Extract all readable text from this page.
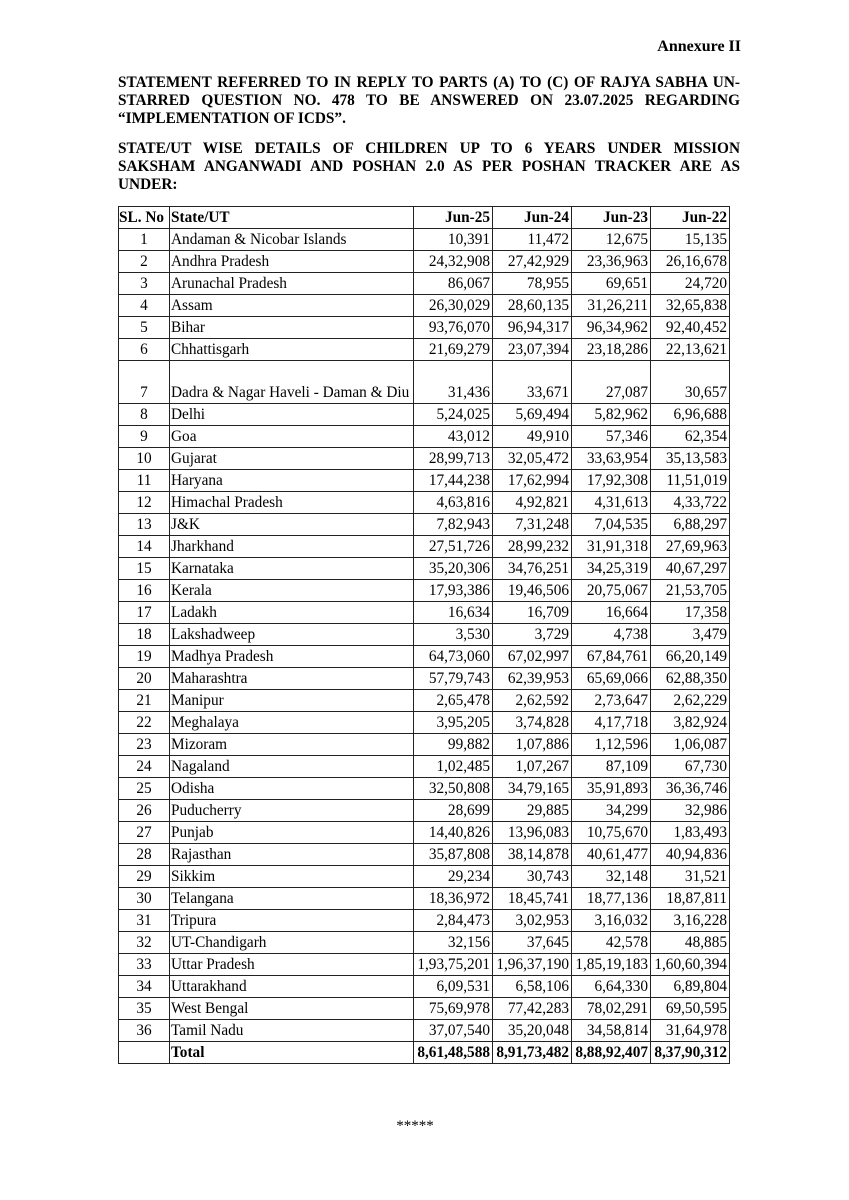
Annexure II
STATEMENT REFERRED TO IN REPLY TO PARTS (A) TO (C) OF RAJYA SABHA UN-STARRED QUESTION NO. 478 TO BE ANSWERED ON 23.07.2025 REGARDING “IMPLEMENTATION OF ICDS”.
STATE/UT WISE DETAILS OF CHILDREN UP TO 6 YEARS UNDER MISSION SAKSHAM ANGANWADI AND POSHAN 2.0 AS PER POSHAN TRACKER ARE AS UNDER:
SL. No	State/UT	Jun-25	Jun-24	Jun-23	Jun-22
1	Andaman & Nicobar Islands	10,391	11,472	12,675	15,135
2	Andhra Pradesh	24,32,908	27,42,929	23,36,963	26,16,678
3	Arunachal Pradesh	86,067	78,955	69,651	24,720
4	Assam	26,30,029	28,60,135	31,26,211	32,65,838
5	Bihar	93,76,070	96,94,317	96,34,962	92,40,452
6	Chhattisgarh	21,69,279	23,07,394	23,18,286	22,13,621
7	Dadra & Nagar Haveli - Daman & Diu	31,436	33,671	27,087	30,657
8	Delhi	5,24,025	5,69,494	5,82,962	6,96,688
9	Goa	43,012	49,910	57,346	62,354
10	Gujarat	28,99,713	32,05,472	33,63,954	35,13,583
11	Haryana	17,44,238	17,62,994	17,92,308	11,51,019
12	Himachal Pradesh	4,63,816	4,92,821	4,31,613	4,33,722
13	J&K	7,82,943	7,31,248	7,04,535	6,88,297
14	Jharkhand	27,51,726	28,99,232	31,91,318	27,69,963
15	Karnataka	35,20,306	34,76,251	34,25,319	40,67,297
16	Kerala	17,93,386	19,46,506	20,75,067	21,53,705
17	Ladakh	16,634	16,709	16,664	17,358
18	Lakshadweep	3,530	3,729	4,738	3,479
19	Madhya Pradesh	64,73,060	67,02,997	67,84,761	66,20,149
20	Maharashtra	57,79,743	62,39,953	65,69,066	62,88,350
21	Manipur	2,65,478	2,62,592	2,73,647	2,62,229
22	Meghalaya	3,95,205	3,74,828	4,17,718	3,82,924
23	Mizoram	99,882	1,07,886	1,12,596	1,06,087
24	Nagaland	1,02,485	1,07,267	87,109	67,730
25	Odisha	32,50,808	34,79,165	35,91,893	36,36,746
26	Puducherry	28,699	29,885	34,299	32,986
27	Punjab	14,40,826	13,96,083	10,75,670	1,83,493
28	Rajasthan	35,87,808	38,14,878	40,61,477	40,94,836
29	Sikkim	29,234	30,743	32,148	31,521
30	Telangana	18,36,972	18,45,741	18,77,136	18,87,811
31	Tripura	2,84,473	3,02,953	3,16,032	3,16,228
32	UT-Chandigarh	32,156	37,645	42,578	48,885
33	Uttar Pradesh	1,93,75,201	1,96,37,190	1,85,19,183	1,60,60,394
34	Uttarakhand	6,09,531	6,58,106	6,64,330	6,89,804
35	West Bengal	75,69,978	77,42,283	78,02,291	69,50,595
36	Tamil Nadu	37,07,540	35,20,048	34,58,814	31,64,978
	Total	8,61,48,588	8,91,73,482	8,88,92,407	8,37,90,312
*****
